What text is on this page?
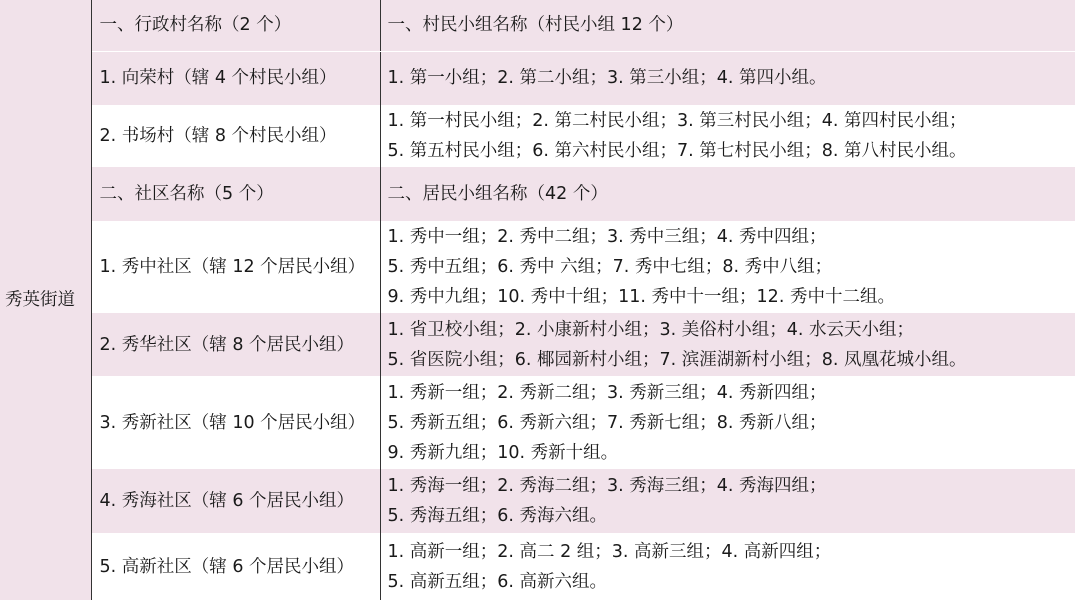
秀英街道	一、行政村名称（2 个）	一、村民小组名称（村民小组 12 个）
	1. 向荣村（辖 4 个村民小组）	1. 第一小组；2. 第二小组；3. 第三小组；4. 第四小组。

	2. 书场村（辖 8 个村民小组）	1. 第一村民小组；2. 第二村民小组；3. 第三村民小组；4. 第四村民小组；
5. 第五村民小组；6. 第六村民小组；7. 第七村民小组；8. 第八村民小组。

	二、社区名称（5 个）	二、居民小组名称（42 个）
	1. 秀中社区（辖 12 个居民小组）	1. 秀中一组；2. 秀中二组；3. 秀中三组；4. 秀中四组；
5. 秀中五组；6. 秀中 六组；7. 秀中七组；8. 秀中八组；
9. 秀中九组；10. 秀中十组；11. 秀中十一组；12. 秀中十二组。

	2. 秀华社区（辖 8 个居民小组）	1. 省卫校小组；2. 小康新村小组；3. 美俗村小组；4. 水云天小组；
5. 省医院小组；6. 椰园新村小组；7. 滨涯湖新村小组；8. 凤凰花城小组。

	3. 秀新社区（辖 10 个居民小组）	1. 秀新一组；2. 秀新二组；3. 秀新三组；4. 秀新四组；
5. 秀新五组；6. 秀新六组；7. 秀新七组；8. 秀新八组；
9. 秀新九组；10. 秀新十组。

	4. 秀海社区（辖 6 个居民小组）	1. 秀海一组；2. 秀海二组；3. 秀海三组；4. 秀海四组；
5. 秀海五组；6. 秀海六组。

	5. 高新社区（辖 6 个居民小组）	1. 高新一组；2. 高二 2 组；3. 高新三组；4. 高新四组；
5. 高新五组；6. 高新六组。
